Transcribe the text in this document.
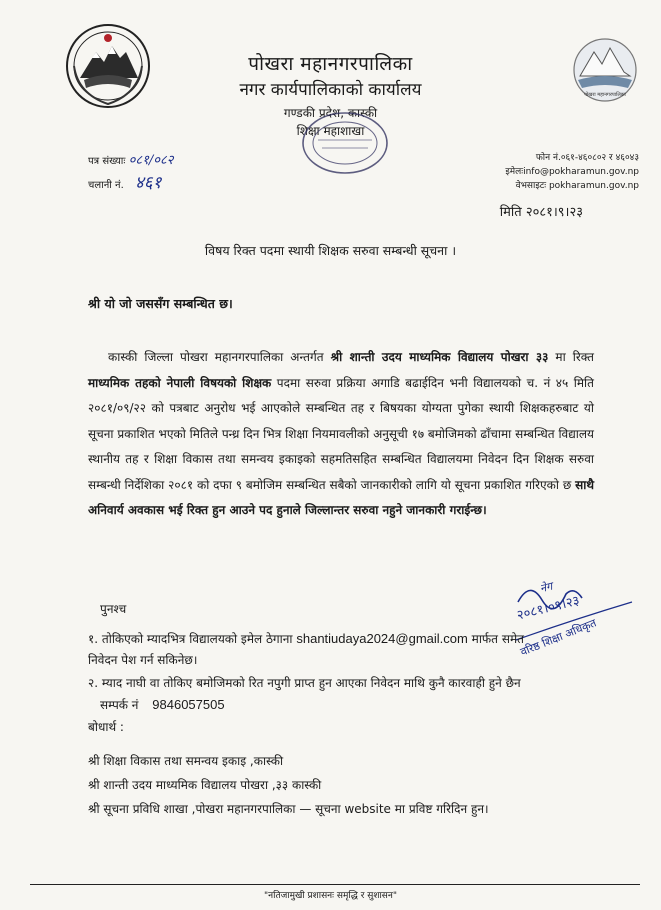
पोखरा महानगरपालिका
नगर कार्यपालिकाको कार्यालय
गण्डकी प्रदेश, कास्की
शिक्षा महाशाखा
पोखरा महानगरपालिका
पत्र संख्याः ०८१/०८२
चलानी नं. ४६१
फोन नं.०६१-४६०८०२ र ४६०४३
इमेलःinfo@pokharamun.gov.np
वेभसाइटः pokharamun.gov.np
मिति २०८१।९।२३
विषय रिक्त पदमा स्थायी शिक्षक सरुवा सम्बन्धी सूचना ।
श्री यो जो जससँग सम्बन्धित छ।

कास्की जिल्ला पोखरा महानगरपालिका अन्तर्गत श्री शान्ती उदय माध्यमिक विद्यालय पोखरा ३३ मा रिक्त माध्यमिक तहको नेपाली विषयको शिक्षक पदमा सरुवा प्रक्रिया अगाडि बढाईदिन भनी विद्यालयको च. नं ४५ मिति २०८१/०९/२२ को पत्रबाट अनुरोध भई आएकोले सम्बन्धित तह र बिषयका योग्यता पुगेका स्थायी शिक्षकहरुबाट यो सूचना प्रकाशित भएको मितिले पन्ध्र दिन भित्र शिक्षा नियमावलीको अनुसूची १७ बमोजिमको ढाँचामा सम्बन्धित विद्यालय स्थानीय तह र शिक्षा विकास तथा समन्वय इकाइको सहमतिसहित सम्बन्धित विद्यालयमा निवेदन दिन शिक्षक सरुवा सम्बन्धी निर्देशिका २०८१ को दफा ९ बमोजिम सम्बन्धित सबैको जानकारीको लागि यो सूचना प्रकाशित गरिएको छ साथै अनिवार्य अवकास भई रिक्त हुन आउने पद हुनाले जिल्लान्तर सरुवा नहुने जानकारी गराईन्छ।

नेग
२०८१।०९।२३
वरिष्ठ शिक्षा अधिकृत
पुनश्च
१. तोकिएको म्यादभित्र विद्यालयको इमेल ठेगाना shantiudaya2024@gmail.com मार्फत समेत
निवेदन पेश गर्न सकिनेछ।
२. म्याद नाघी वा तोकिए बमोजिमको रित नपुगी प्राप्त हुन आएका निवेदन माथि कुनै कारवाही हुने छैन
सम्पर्क नं 9846057505
बोधार्थ :
श्री शिक्षा विकास तथा समन्वय इकाइ ,कास्की
श्री शान्ती उदय माध्यमिक विद्यालय पोखरा ,३३ कास्की
श्री सूचना प्रविधि शाखा ,पोखरा महानगरपालिका — सूचना website मा प्रविष्ट गरिदिन हुन।
"नतिजामुखी प्रशासनः समृद्धि र सुशासन"
